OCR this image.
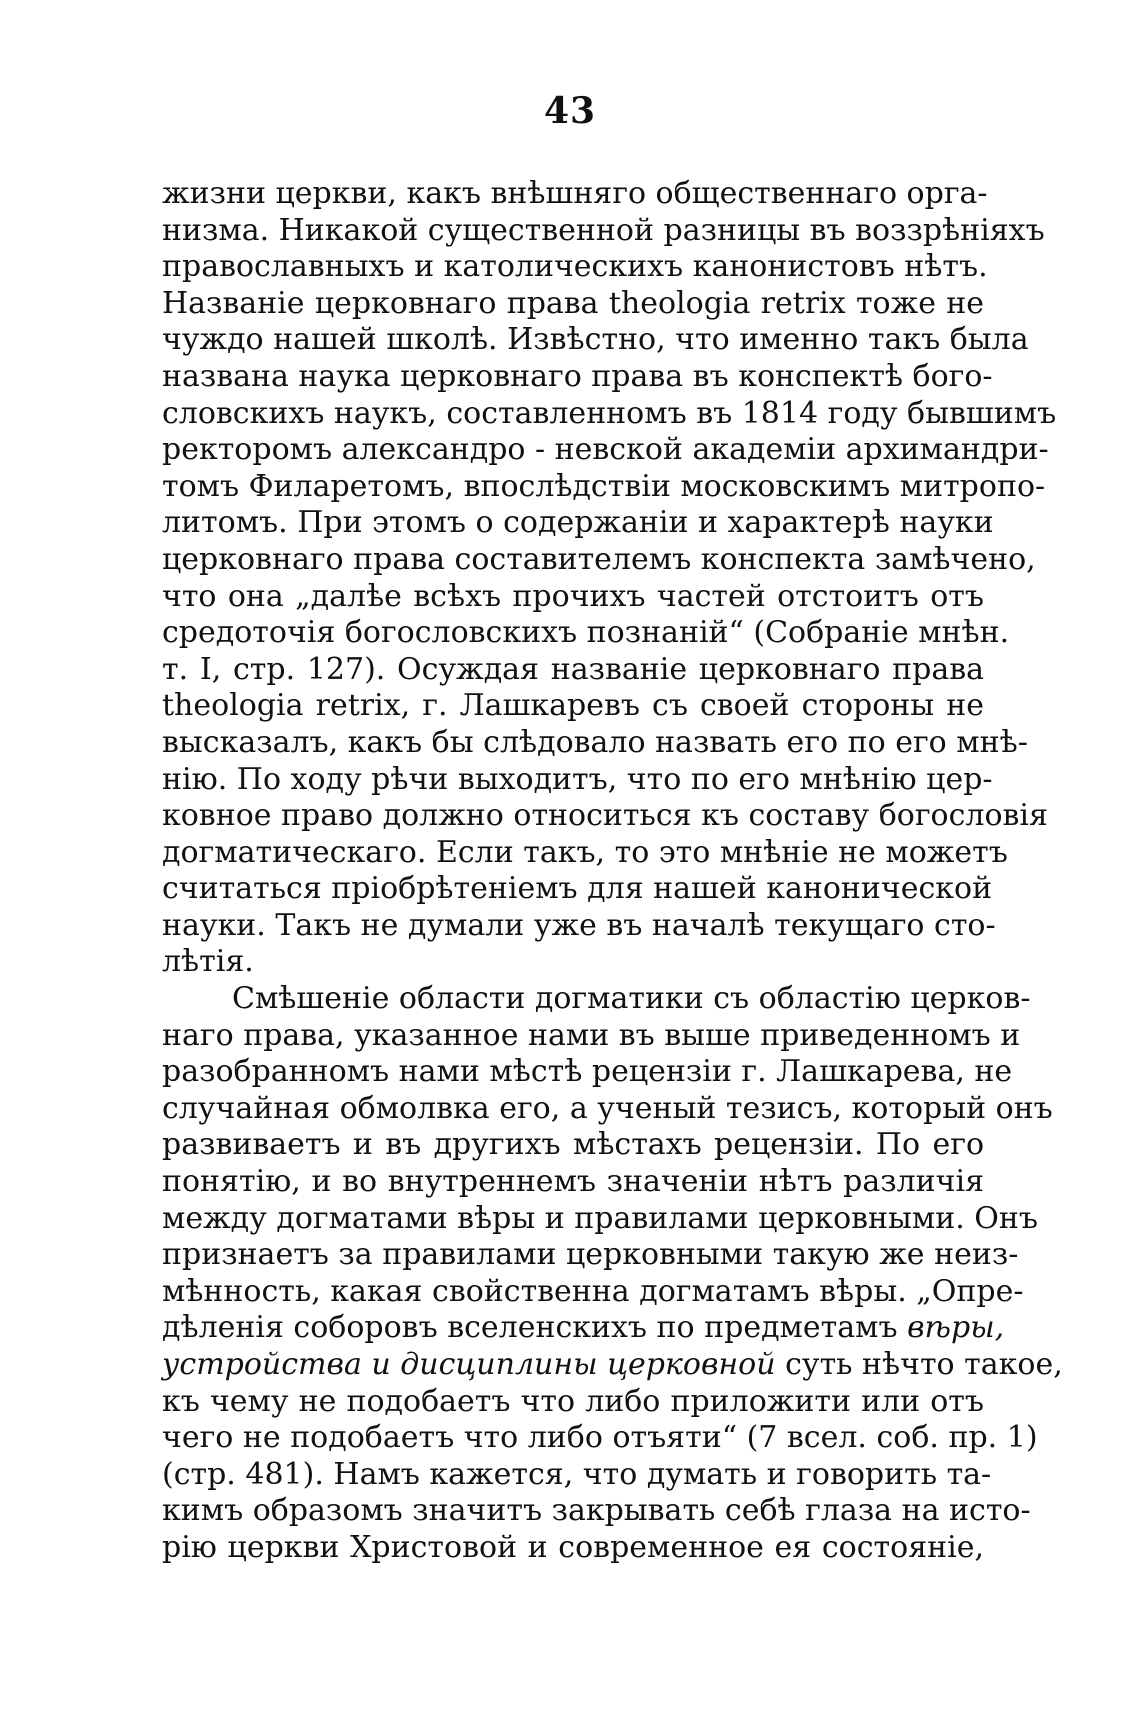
43
жизни церкви, какъ внѣшняго общественнаго орга-
низма. Никакой существенной разницы въ воззрѣніяхъ
православныхъ и католическихъ канонистовъ нѣтъ.
Названіе церковнаго права theologia retrix тоже не
чуждо нашей школѣ. Извѣстно, что именно такъ была
названа наука церковнаго права въ конспектѣ бого-
словскихъ наукъ, составленномъ въ 1814 году бывшимъ
ректоромъ александро - невской академіи архимандри-
томъ Филаретомъ, впослѣдствіи московскимъ митропо-
литомъ. При этомъ о содержаніи и характерѣ науки
церковнаго права составителемъ конспекта замѣчено,
что она „далѣе всѣхъ прочихъ частей отстоитъ отъ
средоточія богословскихъ познаній“ (Собраніе мнѣн.
т. I, стр. 127). Осуждая названіе церковнаго права
theologia retrix, г. Лашкаревъ съ своей стороны не
высказалъ, какъ бы слѣдовало назвать его по его мнѣ-
нію. По ходу рѣчи выходитъ, что по его мнѣнію цер-
ковное право должно относиться къ составу богословія
догматическаго. Если такъ, то это мнѣніе не можетъ
считаться пріобрѣтеніемъ для нашей канонической
науки. Такъ не думали уже въ началѣ текущаго сто-
лѣтія.
Смѣшеніе области догматики съ областію церков-
наго права, указанное нами въ выше приведенномъ и
разобранномъ нами мѣстѣ рецензіи г. Лашкарева, не
случайная обмолвка его, а ученый тезисъ, который онъ
развиваетъ и въ другихъ мѣстахъ рецензіи. По его
понятію, и во внутреннемъ значеніи нѣтъ различія
между догматами вѣры и правилами церковными. Онъ
признаетъ за правилами церковными такую же неиз-
мѣнность, какая свойственна догматамъ вѣры. „Опре-
дѣленія соборовъ вселенскихъ по предметамъ вѣры,
устройства и дисциплины церковной суть нѣчто такое,
къ чему не подобаетъ что либо приложити или отъ
чего не подобаетъ что либо отъяти“ (7 всел. соб. пр. 1)
(стр. 481). Намъ кажется, что думать и говорить та-
кимъ образомъ значитъ закрывать себѣ глаза на исто-
рію церкви Христовой и современное ея состояніе,
